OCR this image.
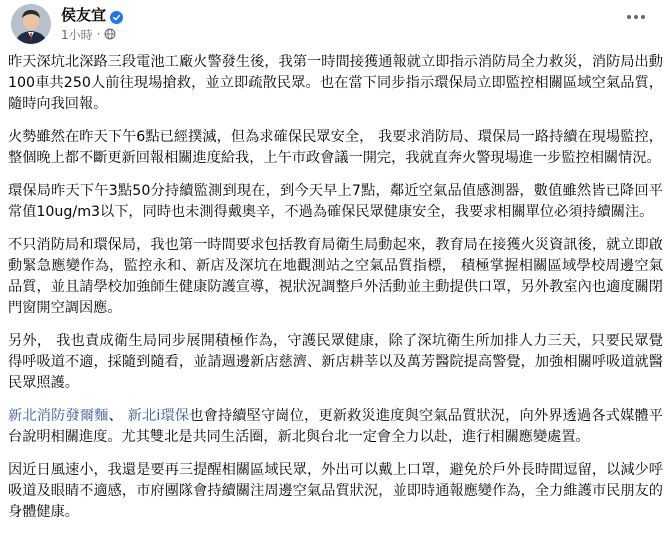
侯友宜
1小時 ·

昨天深坑北深路三段電池工廠火警發生後，我第一時間接獲通報就立即指示消防局全力救災，消防局出動100車共250人前往現場搶救，並立即疏散民眾。也在當下同步指示環保局立即監控相關區域空氣品質，隨時向我回報。

火勢雖然在昨天下午6點已經撲滅，但為求確保民眾安全， 我要求消防局、環保局一路持續在現場監控，整個晚上都不斷更新回報相關進度給我，上午市政會議一開完，我就直奔火警現場進一步監控相關情況。

環保局昨天下午3點50分持續監測到現在，到今天早上7點，鄰近空氣品值感測器，數值雖然皆已降回平常值10ug/m3以下，同時也未測得戴奧辛，不過為確保民眾健康安全，我要求相關單位必須持續關注。

不只消防局和環保局，我也第一時間要求包括教育局衛生局動起來，教育局在接獲火災資訊後，就立即啟動緊急應變作為，監控永和、新店及深坑在地觀測站之空氣品質指標， 積極掌握相關區域學校周邊空氣品質，並且請學校加強師生健康防護宣導，視狀況調整戶外活動並主動提供口罩，另外教室內也適度關閉門窗開空調因應。

另外， 我也責成衛生局同步展開積極作為，守護民眾健康，除了深坑衛生所加排人力三天，只要民眾覺得呼吸道不適，採隨到隨看，並請週邊新店慈濟、新店耕莘以及萬芳醫院提高警覺，加強相關呼吸道就醫民眾照護。

新北消防發爾麵、 新北i環保也會持續堅守崗位，更新救災進度與空氣品質狀況，向外界透過各式媒體平台說明相關進度。尤其雙北是共同生活圈，新北與台北一定會全力以赴，進行相關應變處置。

因近日風速小，我還是要再三提醒相關區域民眾，外出可以戴上口罩，避免於戶外長時間逗留，以減少呼吸道及眼睛不適感，市府團隊會持續關注周邊空氣品質狀況，並即時通報應變作為，全力維護市民朋友的身體健康。
